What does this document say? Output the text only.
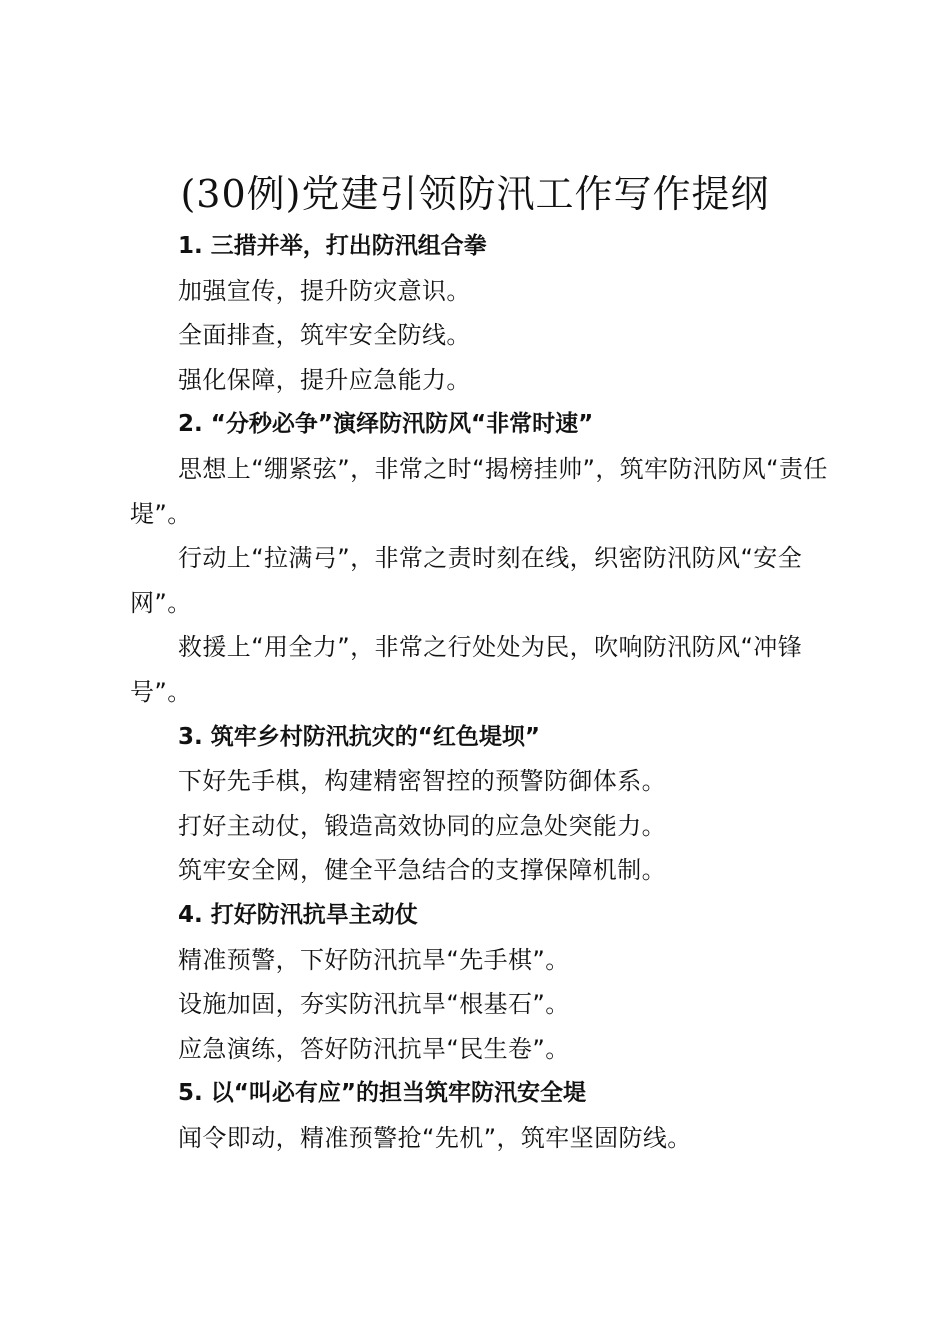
(30例)党建引领防汛工作写作提纲

1. 三措并举，打出防汛组合拳

加强宣传，提升防灾意识。

全面排查，筑牢安全防线。

强化保障，提升应急能力。

2. “分秒必争”演绎防汛防风“非常时速”

思想上“绷紧弦”，非常之时“揭榜挂帅”，筑牢防汛防风“责任堤”。

行动上“拉满弓”，非常之责时刻在线，织密防汛防风“安全网”。

救援上“用全力”，非常之行处处为民，吹响防汛防风“冲锋号”。

3. 筑牢乡村防汛抗灾的“红色堤坝”

下好先手棋，构建精密智控的预警防御体系。

打好主动仗，锻造高效协同的应急处突能力。

筑牢安全网，健全平急结合的支撑保障机制。

4. 打好防汛抗旱主动仗

精准预警，下好防汛抗旱“先手棋”。

设施加固，夯实防汛抗旱“根基石”。

应急演练，答好防汛抗旱“民生卷”。

5. 以“叫必有应”的担当筑牢防汛安全堤

闻令即动，精准预警抢“先机”，筑牢坚固防线。
